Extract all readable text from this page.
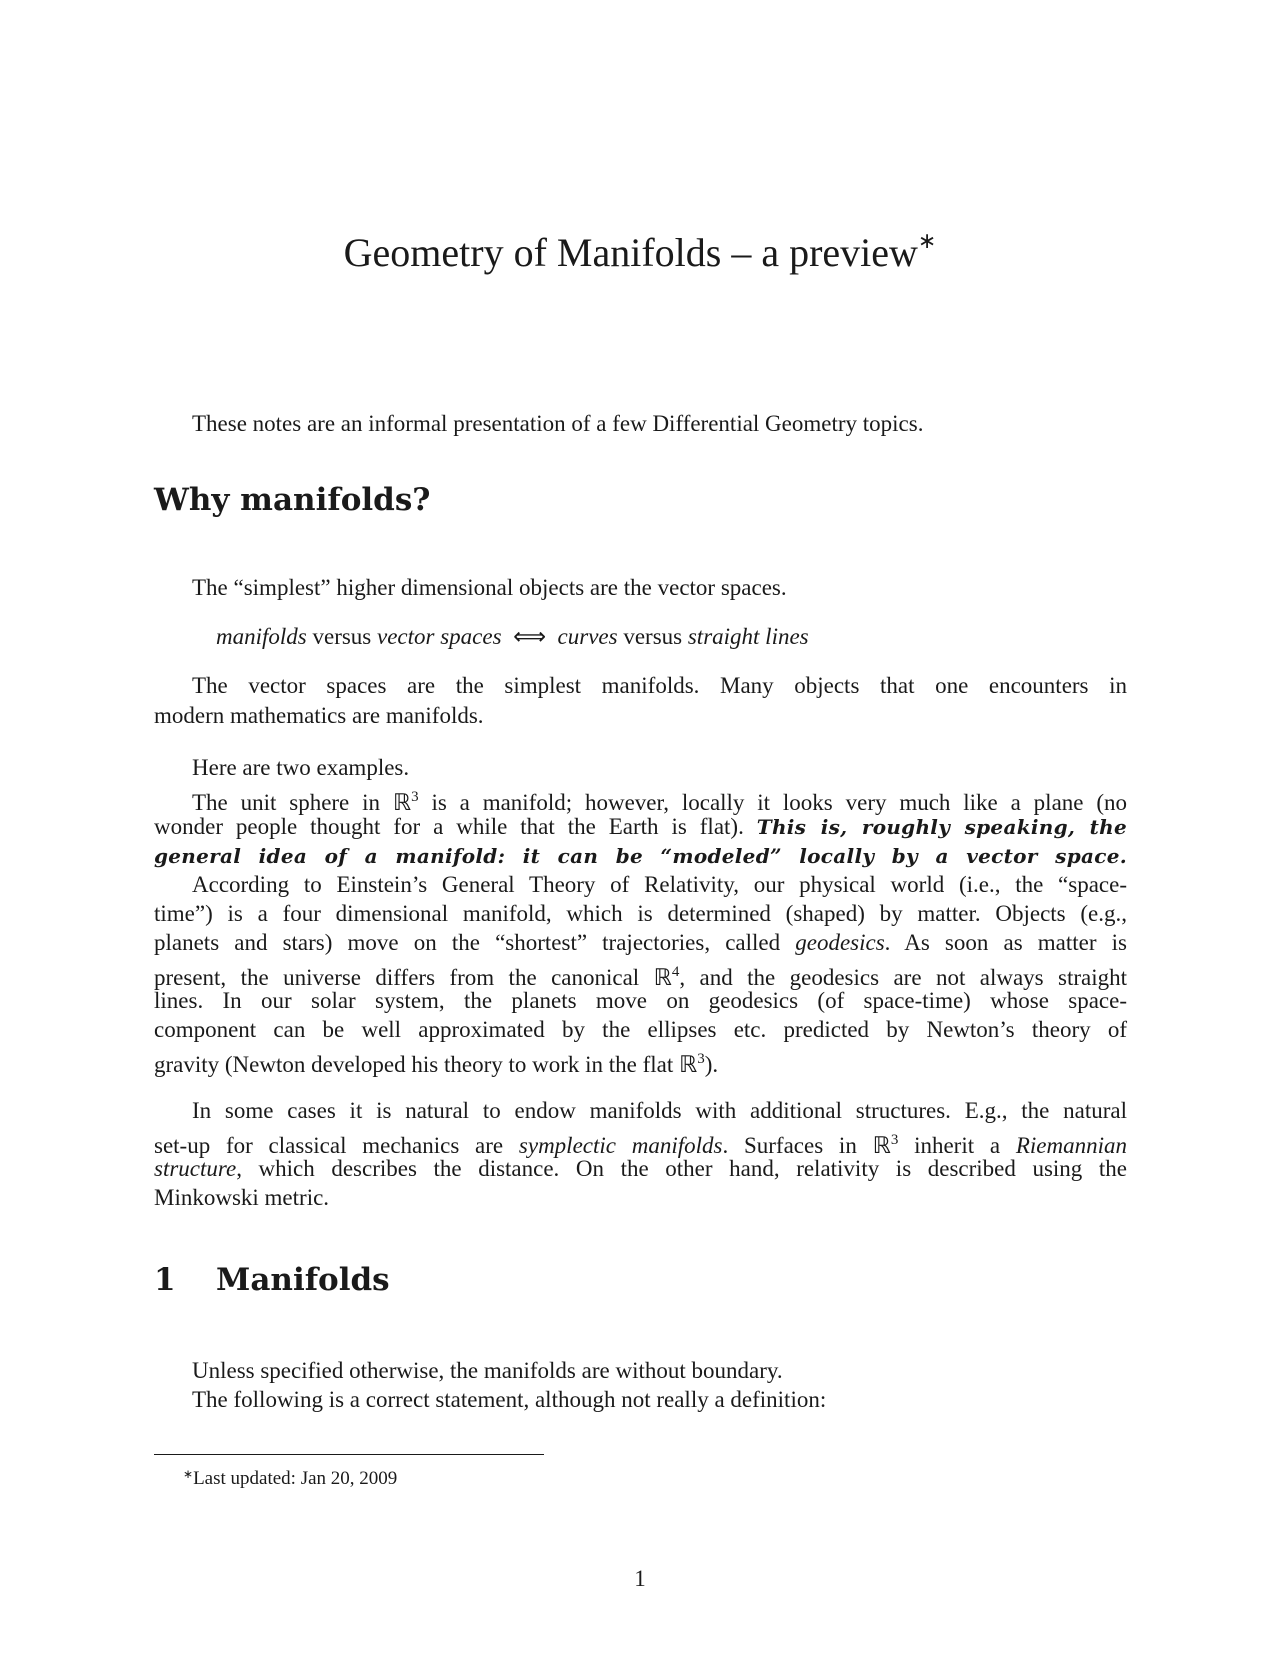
Geometry of Manifolds – a preview∗
These notes are an informal presentation of a few Differential Geometry topics.
Why manifolds?
The “simplest” higher dimensional objects are the vector spaces.
manifolds versus vector spaces ⟺ curves versus straight lines
The vector spaces are the simplest manifolds. Many objects that one encounters in
modern mathematics are manifolds.
Here are two examples.
The unit sphere in ℝ$^3$ is a manifold; however, locally it looks very much like a plane (no
wonder people thought for a while that the Earth is flat). This is, roughly speaking, the
general idea of a manifold: it can be “modeled” locally by a vector space.
According to Einstein’s General Theory of Relativity, our physical world (i.e., the “space-
time”) is a four dimensional manifold, which is determined (shaped) by matter. Objects (e.g.,
planets and stars) move on the “shortest” trajectories, called geodesics. As soon as matter is
present, the universe differs from the canonical ℝ$^4$, and the geodesics are not always straight
lines. In our solar system, the planets move on geodesics (of space-time) whose space-
component can be well approximated by the ellipses etc. predicted by Newton’s theory of
gravity (Newton developed his theory to work in the flat ℝ$^3$).
In some cases it is natural to endow manifolds with additional structures. E.g., the natural
set-up for classical mechanics are symplectic manifolds. Surfaces in ℝ$^3$ inherit a Riemannian
structure, which describes the distance. On the other hand, relativity is described using the
Minkowski metric.
1 Manifolds
Unless specified otherwise, the manifolds are without boundary.
The following is a correct statement, although not really a definition:
∗Last updated: Jan 20, 2009
1
